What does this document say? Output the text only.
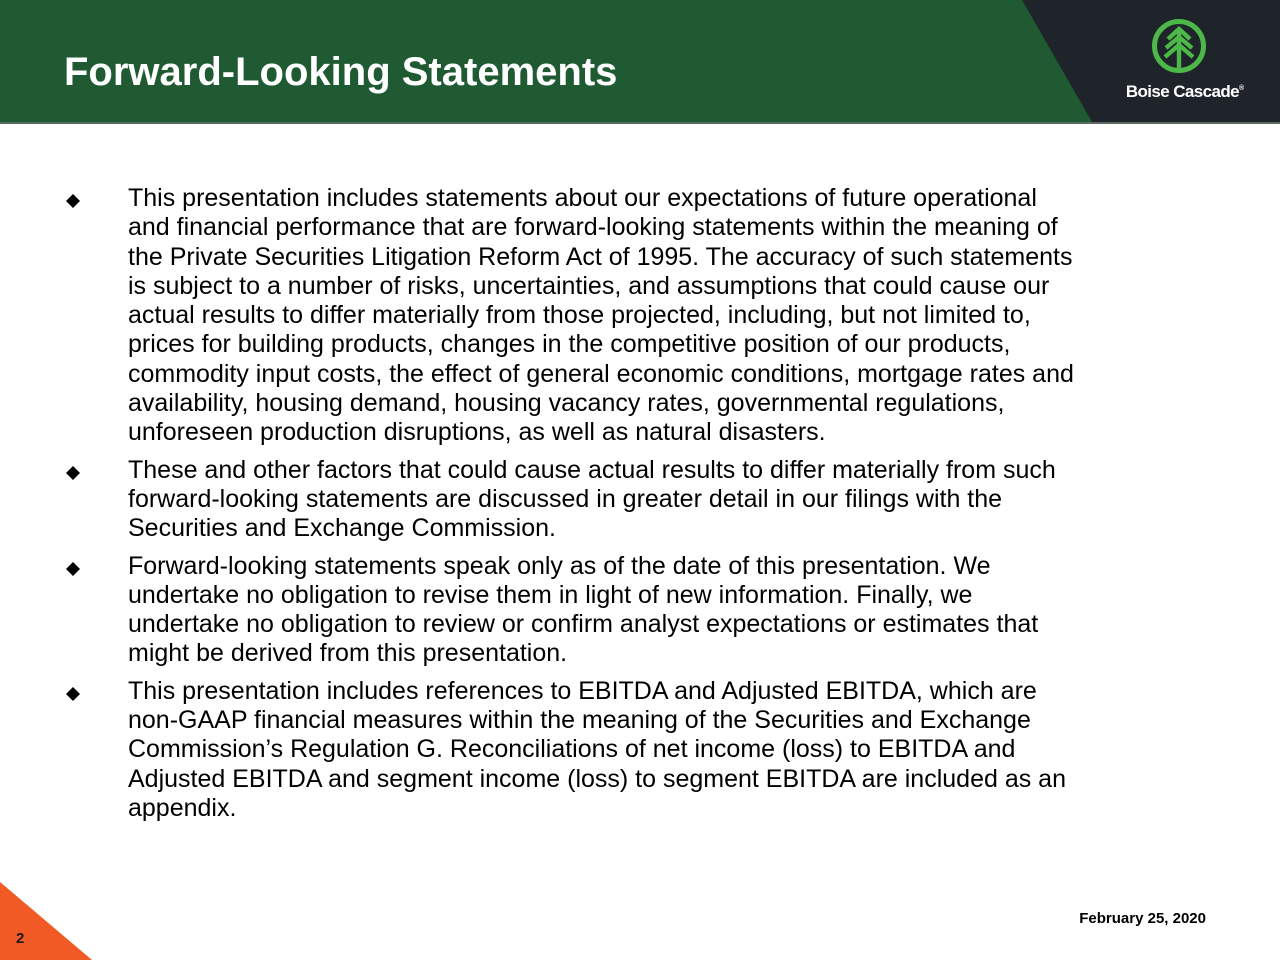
Forward-Looking Statements	Boise Cascade®
This presentation includes statements about our expectations of future operational
and financial performance that are forward-looking statements within the meaning of
the Private Securities Litigation Reform Act of 1995. The accuracy of such statements
is subject to a number of risks, uncertainties, and assumptions that could cause our
actual results to differ materially from those projected, including, but not limited to,
prices for building products, changes in the competitive position of our products,
commodity input costs, the effect of general economic conditions, mortgage rates and
availability, housing demand, housing vacancy rates, governmental regulations,
unforeseen production disruptions, as well as natural disasters.
These and other factors that could cause actual results to differ materially from such
forward-looking statements are discussed in greater detail in our filings with the
Securities and Exchange Commission.
Forward-looking statements speak only as of the date of this presentation. We
undertake no obligation to revise them in light of new information. Finally, we
undertake no obligation to review or confirm analyst expectations or estimates that
might be derived from this presentation.
This presentation includes references to EBITDA and Adjusted EBITDA, which are
non-GAAP financial measures within the meaning of the Securities and Exchange
Commission’s Regulation G. Reconciliations of net income (loss) to EBITDA and
Adjusted EBITDA and segment income (loss) to segment EBITDA are included as an
appendix.
February 25, 2020
2
